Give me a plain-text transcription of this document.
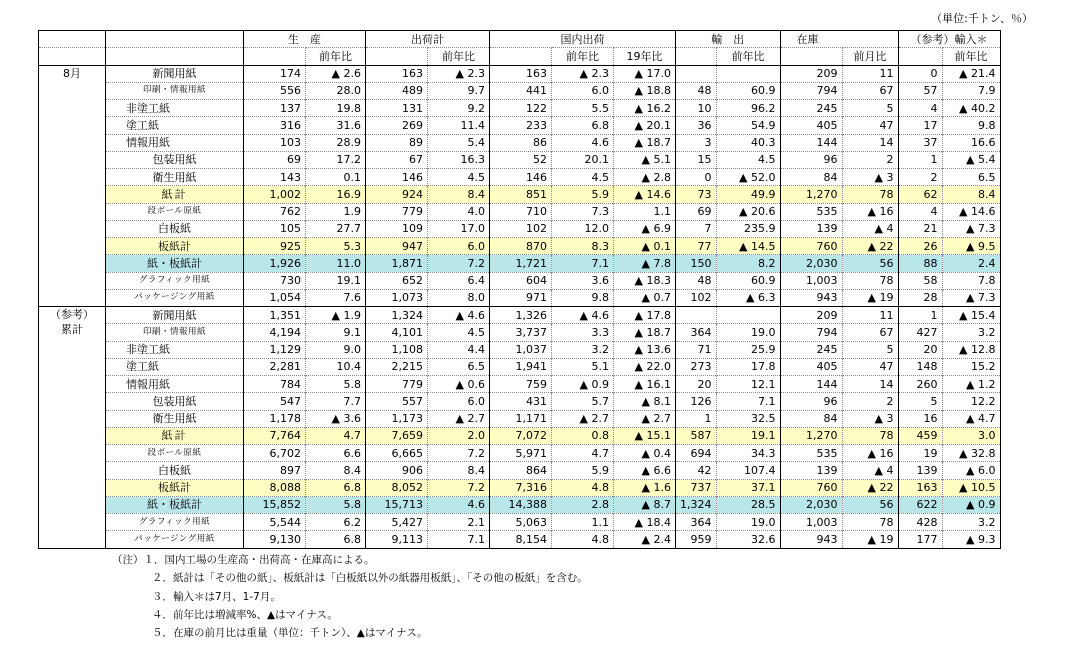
（単位:千トン、％）
		生　産		出荷計		国内出荷			輸　出		在庫		（参考）輸入＊	
			前年比		前年比		前年比	19年比		前年比		前月比		前年比

8月	新聞用紙	174	▲ 2.6	163	▲ 2.3	163	▲ 2.3	▲ 17.0			209	11	0	▲ 21.4
	印刷・情報用紙	556	28.0	489	9.7	441	6.0	▲ 18.8	48	60.9	794	67	57	7.9
	非塗工紙	137	19.8	131	9.2	122	5.5	▲ 16.2	10	96.2	245	5	4	▲ 40.2
	塗工紙	316	31.6	269	11.4	233	6.8	▲ 20.1	36	54.9	405	47	17	9.8
	情報用紙	103	28.9	89	5.4	86	4.6	▲ 18.7	3	40.3	144	14	37	16.6
	包装用紙	69	17.2	67	16.3	52	20.1	▲ 5.1	15	4.5	96	2	1	▲ 5.4
	衛生用紙	143	0.1	146	4.5	146	4.5	▲ 2.8	0	▲ 52.0	84	▲ 3	2	6.5
	紙計	1,002	16.9	924	8.4	851	5.9	▲ 14.6	73	49.9	1,270	78	62	8.4
	段ボール原紙	762	1.9	779	4.0	710	7.3	1.1	69	▲ 20.6	535	▲ 16	4	▲ 14.6
	白板紙	105	27.7	109	17.0	102	12.0	▲ 6.9	7	235.9	139	▲ 4	21	▲ 7.3
	板紙計	925	5.3	947	6.0	870	8.3	▲ 0.1	77	▲ 14.5	760	▲ 22	26	▲ 9.5
	紙・板紙計	1,926	11.0	1,871	7.2	1,721	7.1	▲ 7.8	150	8.2	2,030	56	88	2.4
	グラフィック用紙	730	19.1	652	6.4	604	3.6	▲ 18.3	48	60.9	1,003	78	58	7.8
	パッケージング用紙	1,054	7.6	1,073	8.0	971	9.8	▲ 0.7	102	▲ 6.3	943	▲ 19	28	▲ 7.3

（参考）
累計	新聞用紙	1,351	▲ 1.9	1,324	▲ 4.6	1,326	▲ 4.6	▲ 17.8			209	11	1	▲ 15.4
	印刷・情報用紙	4,194	9.1	4,101	4.5	3,737	3.3	▲ 18.7	364	19.0	794	67	427	3.2
	非塗工紙	1,129	9.0	1,108	4.4	1,037	3.2	▲ 13.6	71	25.9	245	5	20	▲ 12.8
	塗工紙	2,281	10.4	2,215	6.5	1,941	5.1	▲ 22.0	273	17.8	405	47	148	15.2
	情報用紙	784	5.8	779	▲ 0.6	759	▲ 0.9	▲ 16.1	20	12.1	144	14	260	▲ 1.2
	包装用紙	547	7.7	557	6.0	431	5.7	▲ 8.1	126	7.1	96	2	5	12.2
	衛生用紙	1,178	▲ 3.6	1,173	▲ 2.7	1,171	▲ 2.7	▲ 2.7	1	32.5	84	▲ 3	16	▲ 4.7
	紙計	7,764	4.7	7,659	2.0	7,072	0.8	▲ 15.1	587	19.1	1,270	78	459	3.0
	段ボール原紙	6,702	6.6	6,665	7.2	5,971	4.7	▲ 0.4	694	34.3	535	▲ 16	19	▲ 32.8
	白板紙	897	8.4	906	8.4	864	5.9	▲ 6.6	42	107.4	139	▲ 4	139	▲ 6.0
	板紙計	8,088	6.8	8,052	7.2	7,316	4.8	▲ 1.6	737	37.1	760	▲ 22	163	▲ 10.5
	紙・板紙計	15,852	5.8	15,713	4.6	14,388	2.8	▲ 8.7	1,324	28.5	2,030	56	622	▲ 0.9
	グラフィック用紙	5,544	6.2	5,427	2.1	5,063	1.1	▲ 18.4	364	19.0	1,003	78	428	3.2
	パッケージング用紙	9,130	6.8	9,113	7.1	8,154	4.8	▲ 2.4	959	32.6	943	▲ 19	177	▲ 9.3
（注）１．国内工場の生産高・出荷高・在庫高による。
２．紙計は「その他の紙」、板紙計は「白板紙以外の紙器用板紙」、「その他の板紙」を含む。
３．輸入＊は7月、1-7月。
４．前年比は増減率%、▲はマイナス。
５．在庫の前月比は重量（単位：千トン）、▲はマイナス。
